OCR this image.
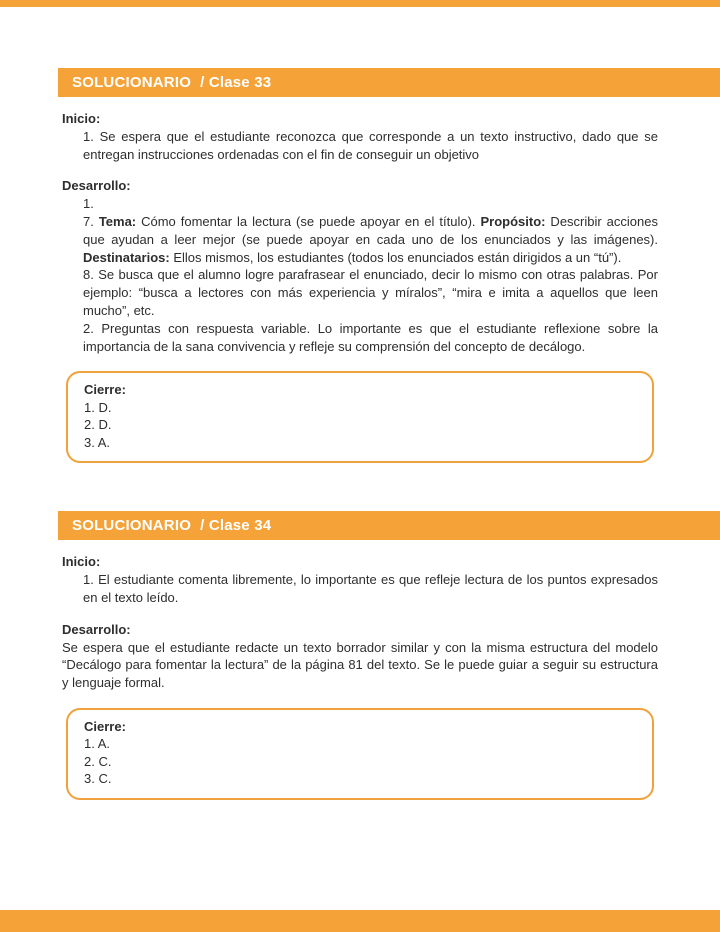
SOLUCIONARIO / Clase 33

Inicio:

1. Se espera que el estudiante reconozca que corresponde a un texto instructivo, dado que se entregan instrucciones ordenadas con el fin de conseguir un objetivo

Desarrollo:

1.

7. Tema: Cómo fomentar la lectura (se puede apoyar en el título). Propósito: Describir acciones que ayudan a leer mejor (se puede apoyar en cada uno de los enunciados y las imágenes). Destinatarios: Ellos mismos, los estudiantes (todos los enunciados están dirigidos a un “tú”).

8. Se busca que el alumno logre parafrasear el enunciado, decir lo mismo con otras palabras. Por ejemplo: “busca a lectores con más experiencia y míralos”, “mira e imita a aquellos que leen mucho”, etc.

2. Preguntas con respuesta variable. Lo importante es que el estudiante reflexione sobre la importancia de la sana convivencia y refleje su comprensión del concepto de decálogo.

Cierre:

1. D.

2. D.

3. A.

SOLUCIONARIO / Clase 34

Inicio:

1. El estudiante comenta libremente, lo importante es que refleje lectura de los puntos expresados en el texto leído.

Desarrollo:

Se espera que el estudiante redacte un texto borrador similar y con la misma estructura del modelo “Decálogo para fomentar la lectura” de la página 81 del texto. Se le puede guiar a seguir su estructura y lenguaje formal.

Cierre:

1. A.

2. C.

3. C.
